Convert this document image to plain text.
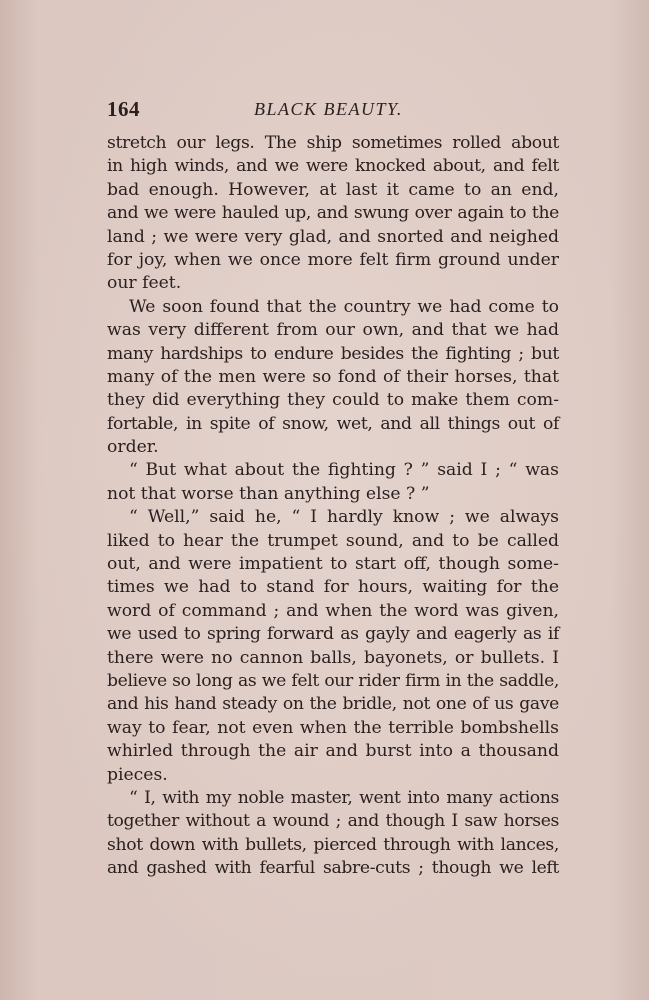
164	BLACK BEAUTY.
stretch our legs. The ship sometimes rolled about
in high winds, and we were knocked about, and felt
bad enough. However, at last it came to an end,
and we were hauled up, and swung over again to the
land ; we were very glad, and snorted and neighed
for joy, when we once more felt firm ground under
our feet.
We soon found that the country we had come to
was very different from our own, and that we had
many hardships to endure besides the fighting ; but
many of the men were so fond of their horses, that
they did everything they could to make them com-
fortable, in spite of snow, wet, and all things out of
order.
“ But what about the fighting ? ” said I ; “ was
not that worse than anything else ? ”
“ Well,” said he, “ I hardly know ; we always
liked to hear the trumpet sound, and to be called
out, and were impatient to start off, though some-
times we had to stand for hours, waiting for the
word of command ; and when the word was given,
we used to spring forward as gayly and eagerly as if
there were no cannon balls, bayonets, or bullets. I
believe so long as we felt our rider firm in the saddle,
and his hand steady on the bridle, not one of us gave
way to fear, not even when the terrible bombshells
whirled through the air and burst into a thousand
pieces.
“ I, with my noble master, went into many actions
together without a wound ; and though I saw horses
shot down with bullets, pierced through with lances,
and gashed with fearful sabre-cuts ; though we left
